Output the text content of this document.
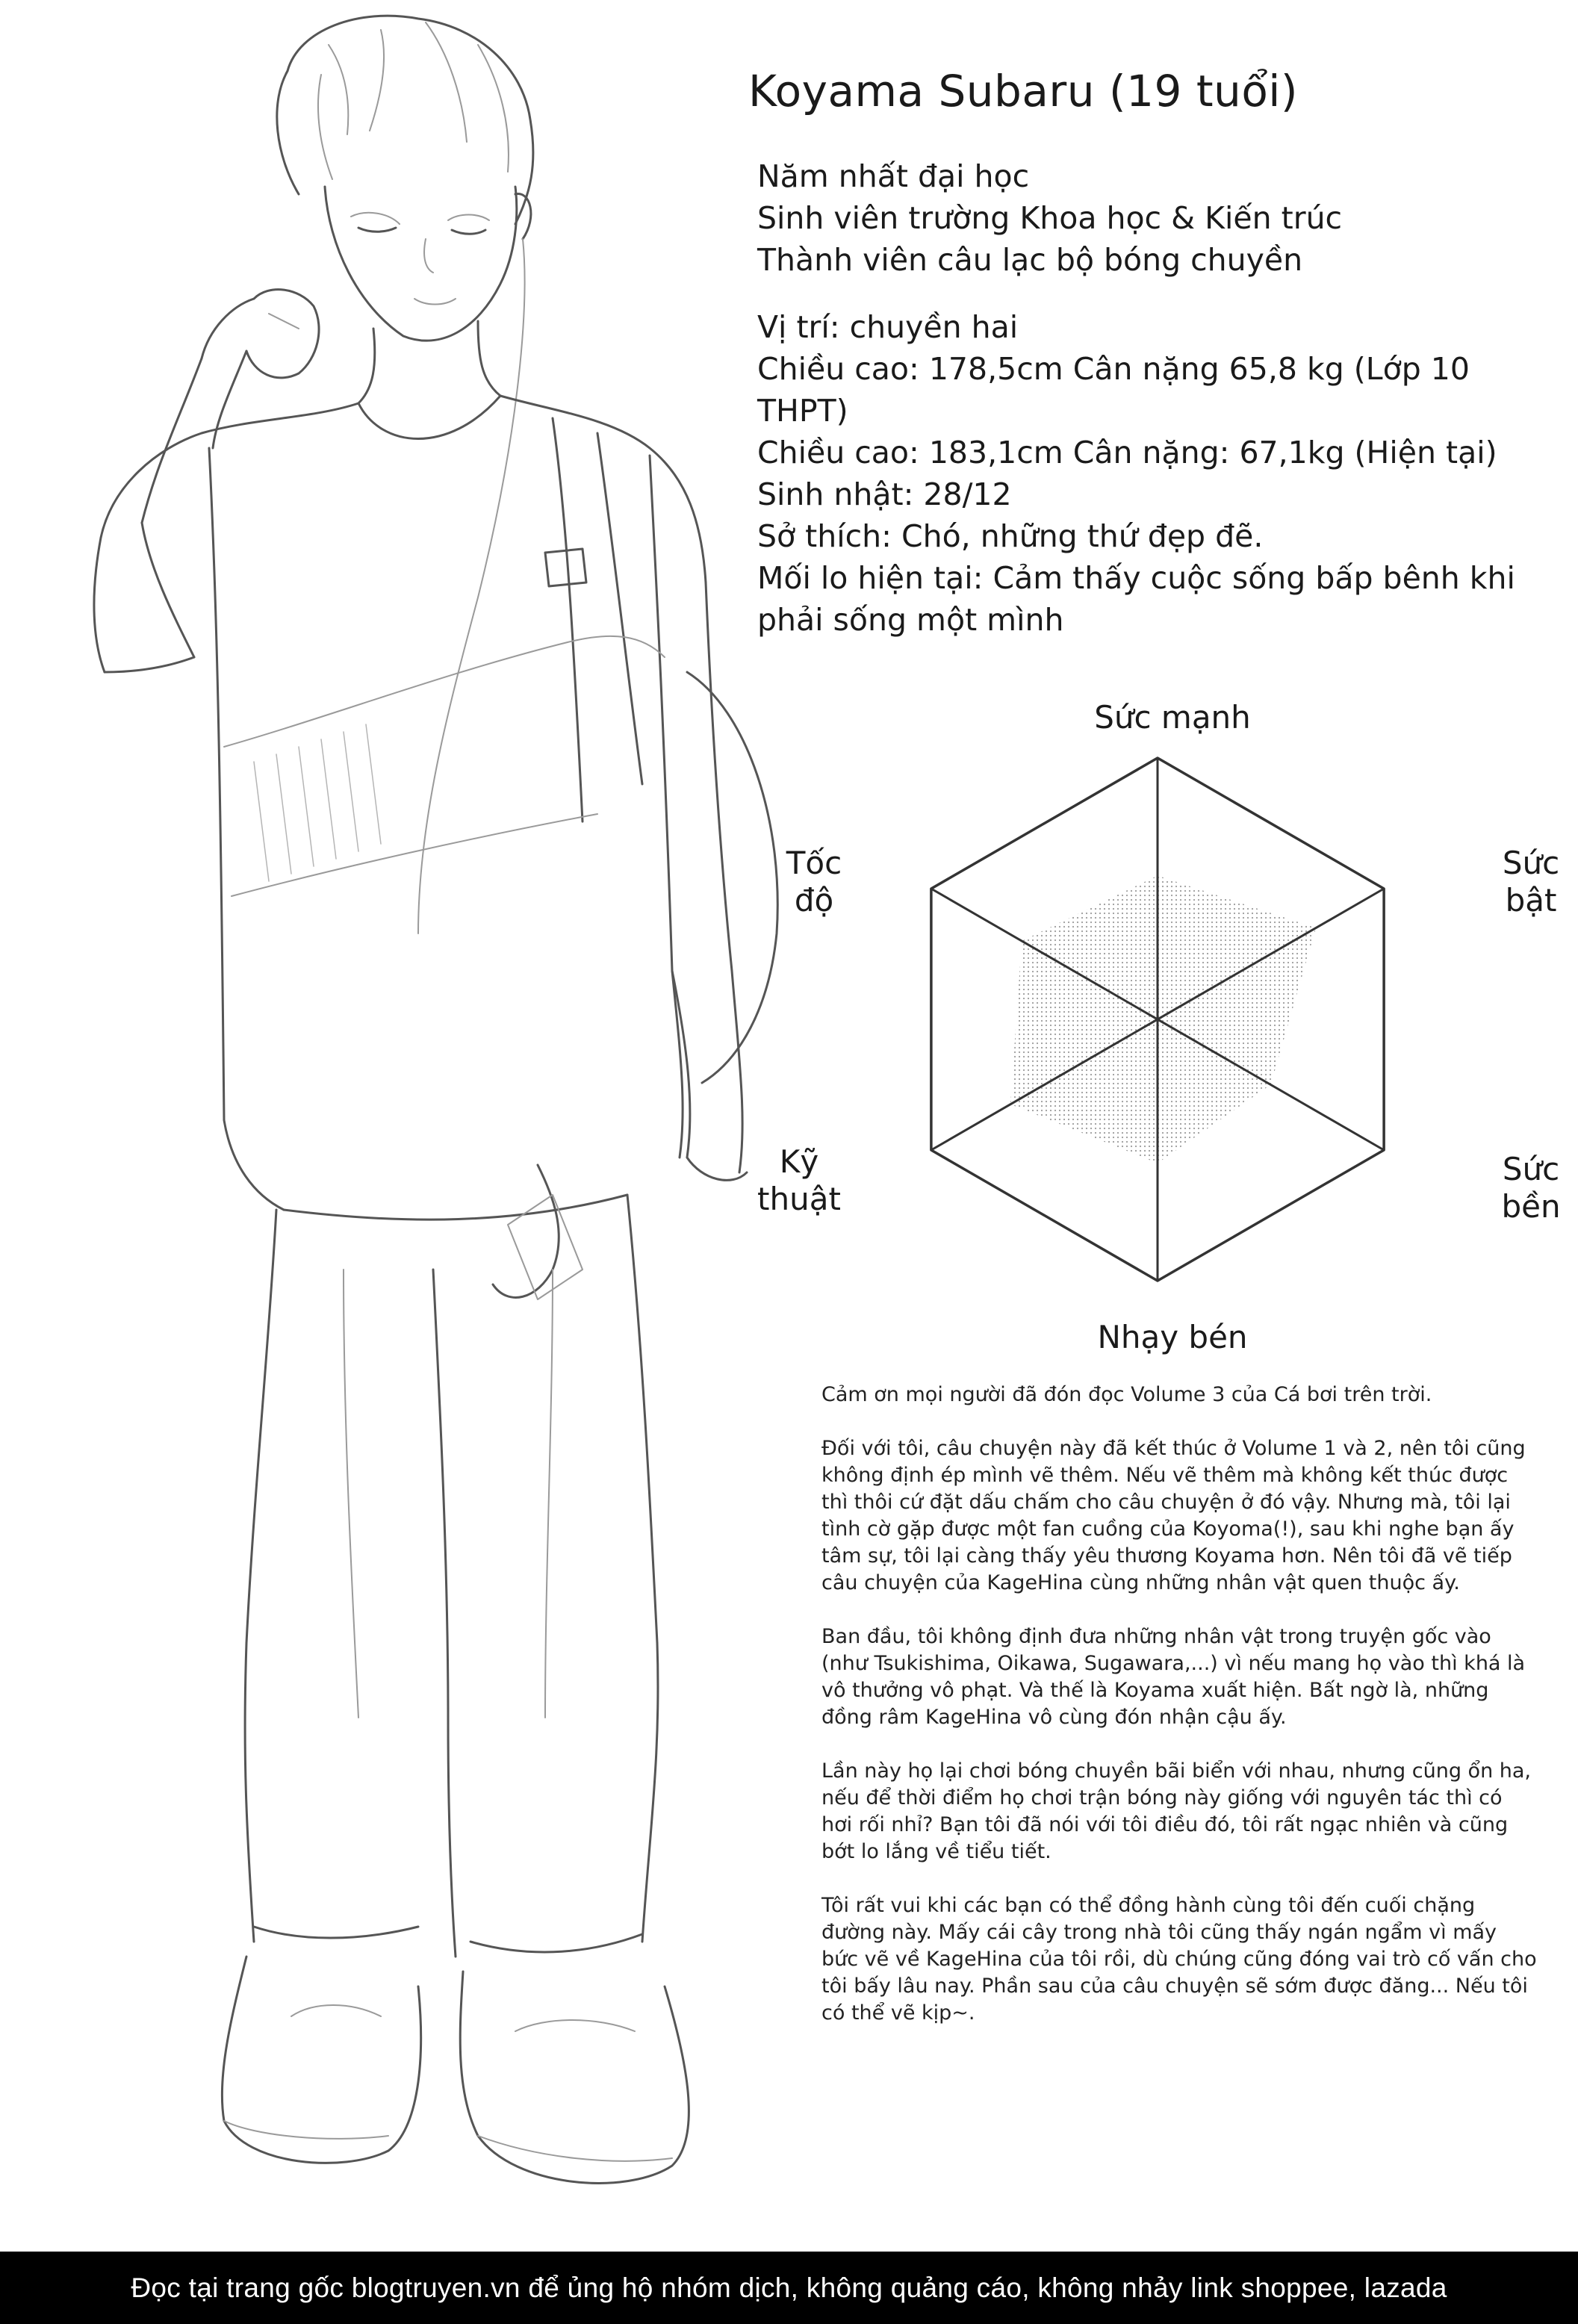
Koyama Subaru (19 tuổi)
Năm nhất đại học
Sinh viên trường Khoa học & Kiến trúc
Thành viên câu lạc bộ bóng chuyền
Vị trí: chuyền hai
Chiều cao: 178,5cm Cân nặng 65,8 kg (Lớp 10 THPT)
Chiều cao: 183,1cm Cân nặng: 67,1kg (Hiện tại)
Sinh nhật: 28/12
Sở thích: Chó, những thứ đẹp đẽ.
Mối lo hiện tại: Cảm thấy cuộc sống bấp bênh khi phải sống một mình
Sức mạnh
Sức bật
Sức bền
Nhạy bén
Kỹ thuật
Tốc độ

Cảm ơn mọi người đã đón đọc Volume 3 của Cá bơi trên trời.

Đối với tôi, câu chuyện này đã kết thúc ở Volume 1 và 2, nên tôi cũng không định ép mình vẽ thêm. Nếu vẽ thêm mà không kết thúc được thì thôi cứ đặt dấu chấm cho câu chuyện ở đó vậy. Nhưng mà, tôi lại tình cờ gặp được một fan cuồng của Koyoma(!), sau khi nghe bạn ấy tâm sự, tôi lại càng thấy yêu thương Koyama hơn. Nên tôi đã vẽ tiếp câu chuyện của KageHina cùng những nhân vật quen thuộc ấy.

Ban đầu, tôi không định đưa những nhân vật trong truyện gốc vào (như Tsukishima, Oikawa, Sugawara,...) vì nếu mang họ vào thì khá là vô thưởng vô phạt. Và thế là Koyama xuất hiện. Bất ngờ là, những đồng râm KageHina vô cùng đón nhận cậu ấy.

Lần này họ lại chơi bóng chuyền bãi biển với nhau, nhưng cũng ổn ha, nếu để thời điểm họ chơi trận bóng này giống với nguyên tác thì có hơi rối nhỉ? Bạn tôi đã nói với tôi điều đó, tôi rất ngạc nhiên và cũng bớt lo lắng về tiểu tiết.

Tôi rất vui khi các bạn có thể đồng hành cùng tôi đến cuối chặng đường này. Mấy cái cây trong nhà tôi cũng thấy ngán ngẩm vì mấy bức vẽ về KageHina của tôi rồi, dù chúng cũng đóng vai trò cố vấn cho tôi bấy lâu nay. Phần sau của câu chuyện sẽ sớm được đăng... Nếu tôi có thể vẽ kịp~.

Đọc tại trang gốc blogtruyen.vn để ủng hộ nhóm dịch, không quảng cáo, không nhảy link shoppee, lazada
